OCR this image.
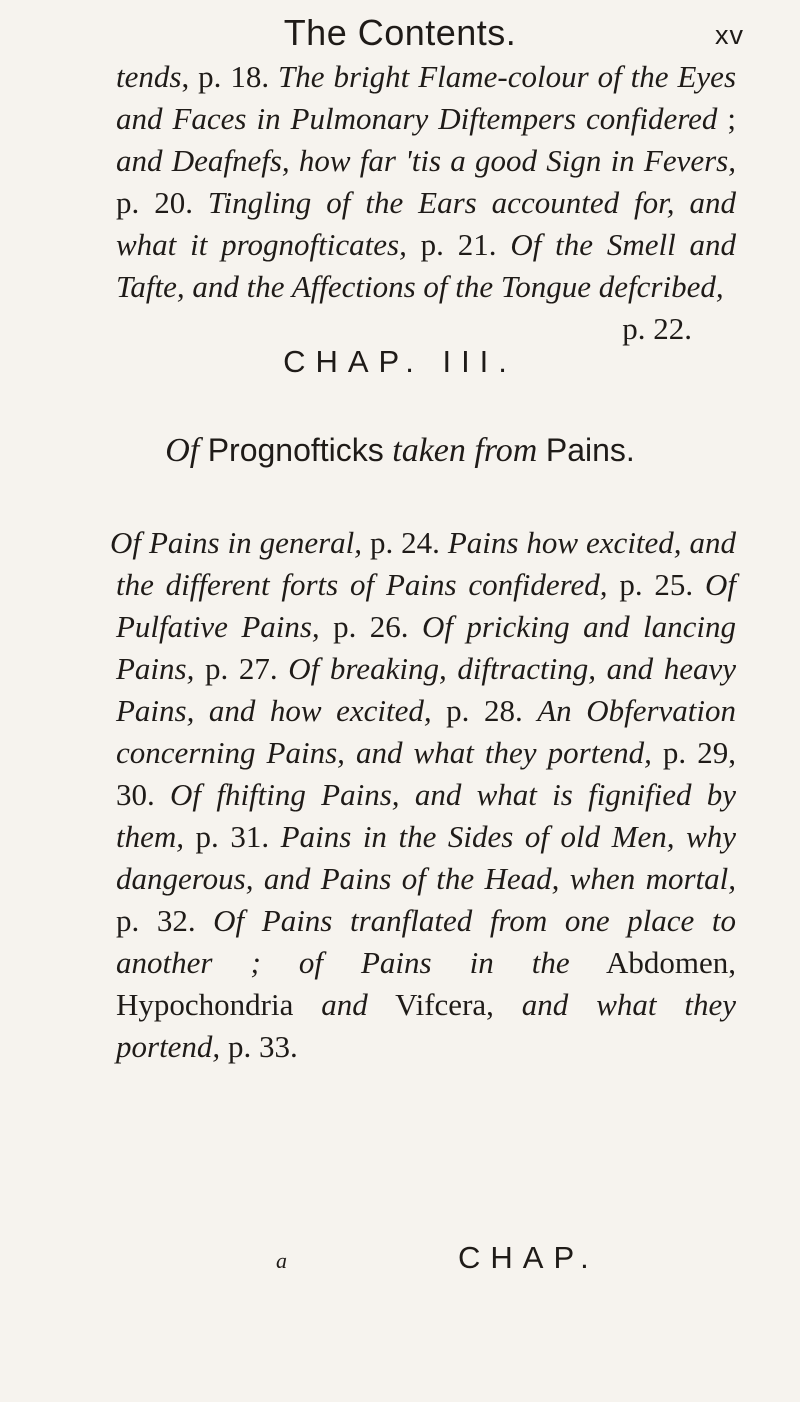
The Contents.	xv

tends, p. 18. The bright Flame-colour of the Eyes and Faces in Pulmonary Diftempers confidered ; and Deafnefs, how far 'tis a good Sign in Fevers, p. 20. Tingling of the Ears accounted for, and what it prognofticates, p. 21. Of the Smell and Tafte, and the Affections of the Tongue defcribed,
p. 22.

CHAP. III.
Of Prognofticks taken from Pains.

Of Pains in general, p. 24. Pains how excited, and the different forts of Pains confidered, p. 25. Of Pulfative Pains, p. 26. Of pricking and lancing Pains, p. 27. Of breaking, diftracting, and heavy Pains, and how excited, p. 28. An Obfervation concerning Pains, and what they portend, p. 29, 30. Of fhifting Pains, and what is fignified by them, p. 31. Pains in the Sides of old Men, why dangerous, and Pains of the Head, when mortal, p. 32. Of Pains tranflated from one place to another ; of Pains in the Abdomen, Hypochondria and Vifcera, and what they portend, p. 33.

a	CHAP.
